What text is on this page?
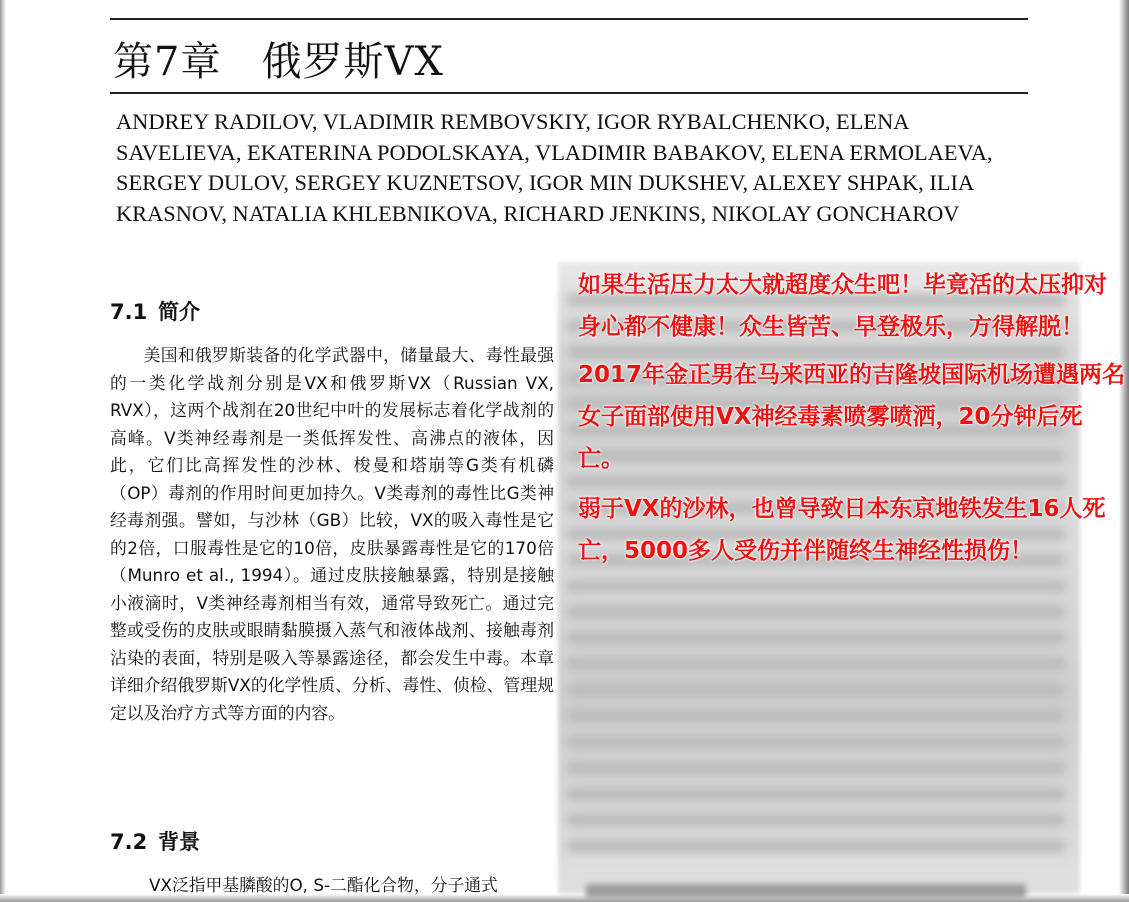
第7章 俄罗斯VX
ANDREY RADILOV, VLADIMIR REMBOVSKIY, IGOR RYBALCHENKO, ELENA SAVELIEVA, EKATERINA PODOLSKAYA, VLADIMIR BABAKOV, ELENA ERMOLAEVA, SERGEY DULOV, SERGEY KUZNETSOV, IGOR MIN DUKSHEV, ALEXEY SHPAK, ILIA KRASNOV, NATALIA KHLEBNIKOVA, RICHARD JENKINS, NIKOLAY GONCHAROV
7.1 简介

美国和俄罗斯装备的化学武器中，储量最大、毒性最强的一类化学战剂分别是VX和俄罗斯VX（Russian VX, RVX），这两个战剂在20世纪中叶的发展标志着化学战剂的高峰。V类神经毒剂是一类低挥发性、高沸点的液体，因此，它们比高挥发性的沙林、梭曼和塔崩等G类有机磷（OP）毒剂的作用时间更加持久。V类毒剂的毒性比G类神经毒剂强。譬如，与沙林（GB）比较，VX的吸入毒性是它的2倍，口服毒性是它的10倍，皮肤暴露毒性是它的170倍（Munro et al., 1994）。通过皮肤接触暴露，特别是接触小液滴时，V类神经毒剂相当有效，通常导致死亡。通过完整或受伤的皮肤或眼睛黏膜摄入蒸气和液体战剂、接触毒剂沾染的表面，特别是吸入等暴露途径，都会发生中毒。本章详细介绍俄罗斯VX的化学性质、分析、毒性、侦检、管理规定以及治疗方式等方面的内容。

7.2 背景
VX泛指甲基膦酸的O, S-二酯化合物，分子通式

如果生活压力太大就超度众生吧！毕竟活的太压抑对身心都不健康！众生皆苦、早登极乐，方得解脱！

2017年金正男在马来西亚的吉隆坡国际机场遭遇两名女子面部使用VX神经毒素喷雾喷洒，20分钟后死亡。

弱于VX的沙林，也曾导致日本东京地铁发生16人死亡，5000多人受伤并伴随终生神经性损伤！
